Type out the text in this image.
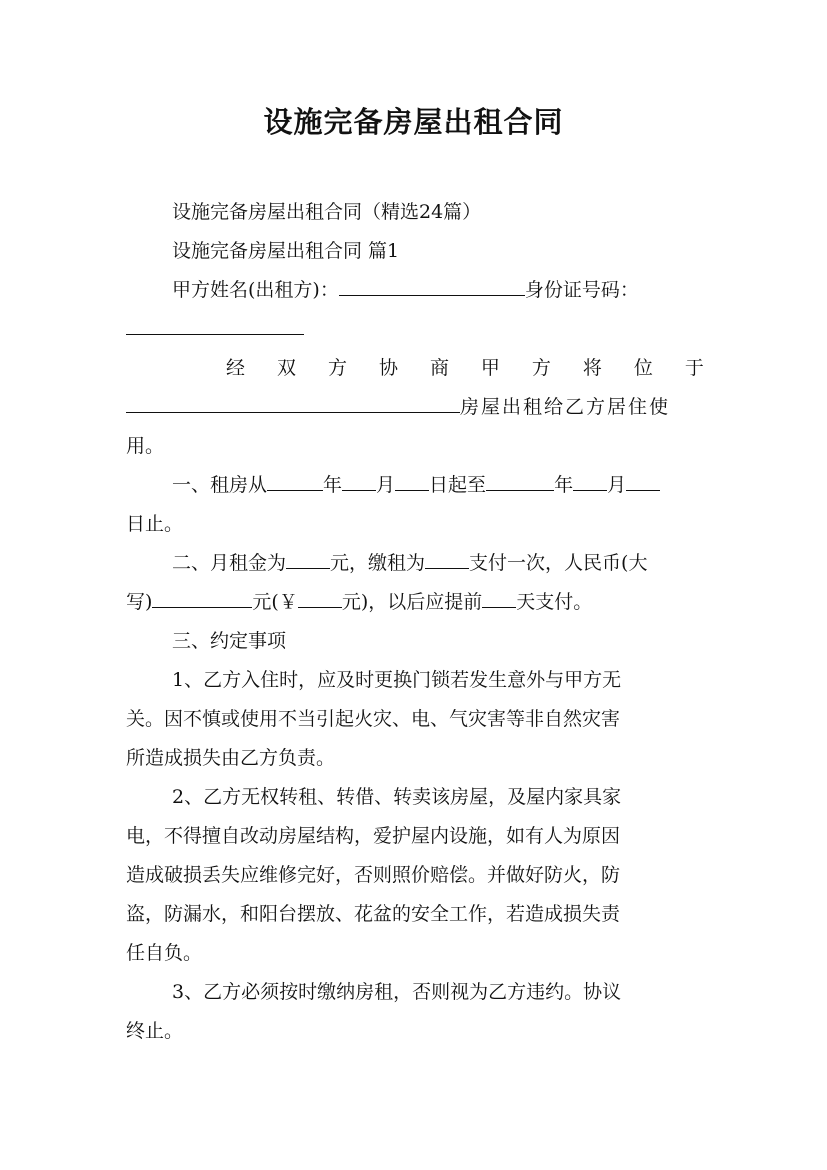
设施完备房屋出租合同
设施完备房屋出租合同（精选24篇）
设施完备房屋出租合同 篇1
甲方姓名(出租方)：	身份证号码：
经 双 方 协 商 甲 方 将 位 于
房屋出租给乙方居住使
用。
一、租房从	年 月 日起至	年 月
日止。
二、月租金为 元，缴租为 支付一次，人民币(大
写)	元(￥ 元)，以后应提前 天支付。
三、约定事项
1、乙方入住时，应及时更换门锁若发生意外与甲方无
关。因不慎或使用不当引起火灾、电、气灾害等非自然灾害
所造成损失由乙方负责。
2、乙方无权转租、转借、转卖该房屋，及屋内家具家
电，不得擅自改动房屋结构，爱护屋内设施，如有人为原因
造成破损丢失应维修完好，否则照价赔偿。并做好防火，防
盗，防漏水，和阳台摆放、花盆的安全工作，若造成损失责
任自负。
3、乙方必须按时缴纳房租，否则视为乙方违约。协议
终止。
